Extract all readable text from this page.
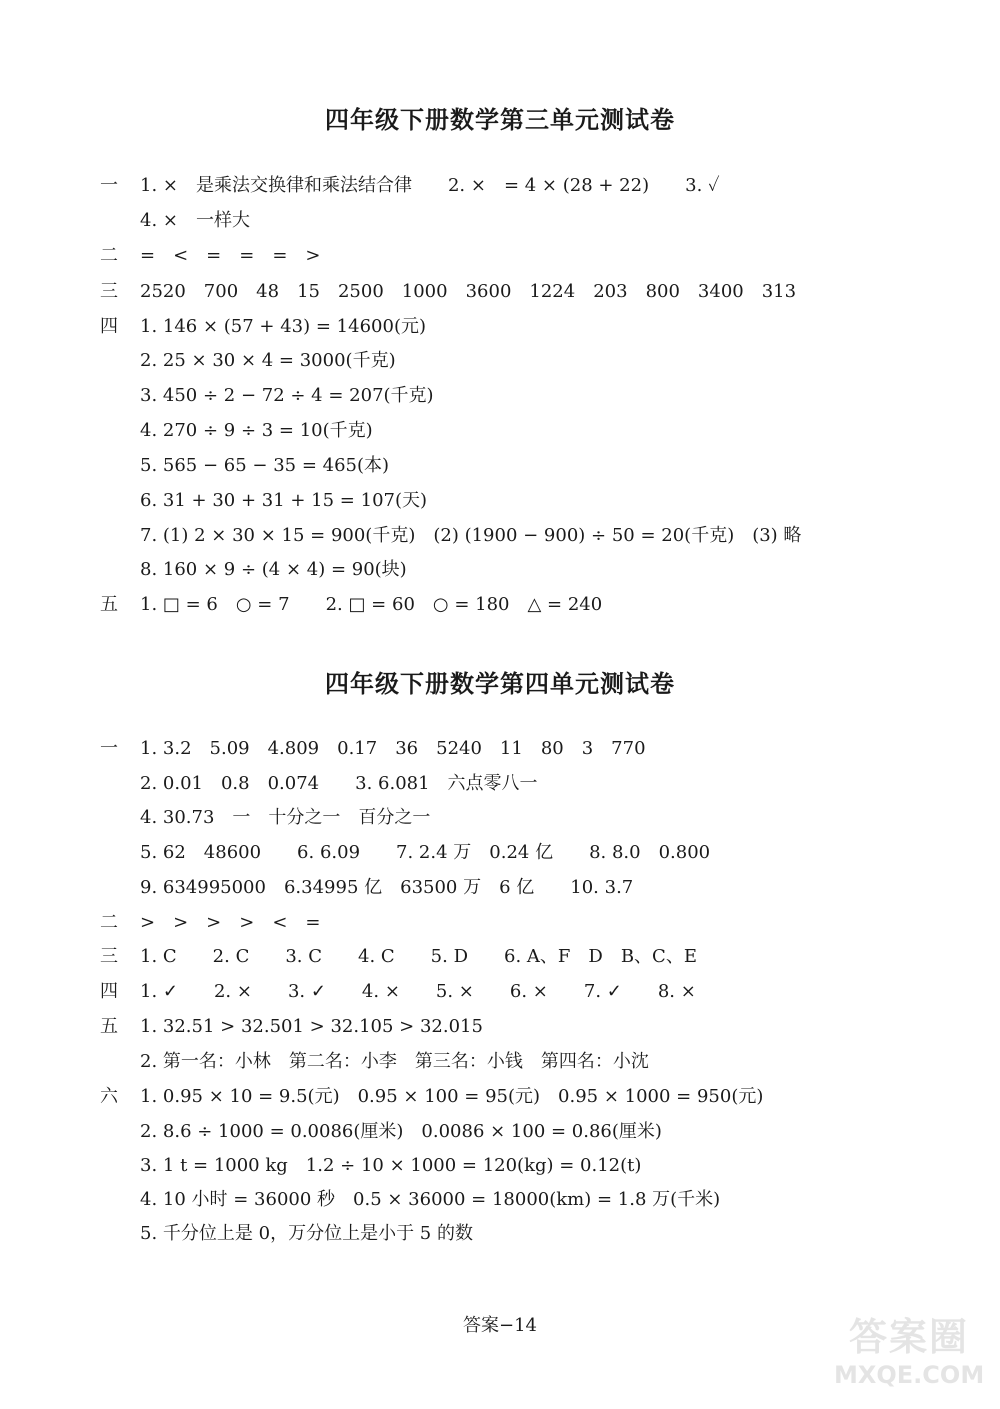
四年级下册数学第三单元测试卷
一	1. ×　是乘法交换律和乘法结合律　　2. ×　= 4 × (28 + 22)　　3. ✓
4. ×　一样大
二	=　<　=　=　=　>
三	2520　700　48　15　2500　1000　3600　1224　203　800　3400　313
四	1. 146 × (57 + 43) = 14600(元)
2. 25 × 30 × 4 = 3000(千克)
3. 450 ÷ 2 − 72 ÷ 4 = 207(千克)
4. 270 ÷ 9 ÷ 3 = 10(千克)
5. 565 − 65 − 35 = 465(本)
6. 31 + 30 + 31 + 15 = 107(天)
7. (1) 2 × 30 × 15 = 900(千克)　(2) (1900 − 900) ÷ 50 = 20(千克)　(3) 略
8. 160 × 9 ÷ (4 × 4) = 90(块)
五	1. □ = 6　○ = 7　　2. □ = 60　○ = 180　△ = 240
四年级下册数学第四单元测试卷
一	1. 3.2　5.09　4.809　0.17　36　5240　11　80　3　770
2. 0.01　0.8　0.074　　3. 6.081　六点零八一
4. 30.73　一　十分之一　百分之一
5. 62　48600　　6. 6.09　　7. 2.4 万　0.24 亿　　8. 8.0　0.800
9. 634995000　6.34995 亿　63500 万　6 亿　　10. 3.7
二	>　>　>　>　<　=
三	1. C　　2. C　　3. C　　4. C　　5. D　　6. A、F　D　B、C、E
四	1. ✓　　2. ×　　3. ✓　　4. ×　　5. ×　　6. ×　　7. ✓　　8. ×
五	1. 32.51 > 32.501 > 32.105 > 32.015
2. 第一名：小林　第二名：小李　第三名：小钱　第四名：小沈
六	1. 0.95 × 10 = 9.5(元)　0.95 × 100 = 95(元)　0.95 × 1000 = 950(元)
2. 8.6 ÷ 1000 = 0.0086(厘米)　0.0086 × 100 = 0.86(厘米)
3. 1 t = 1000 kg　1.2 ÷ 10 × 1000 = 120(kg) = 0.12(t)
4. 10 小时 = 36000 秒　0.5 × 36000 = 18000(km) = 1.8 万(千米)
5. 千分位上是 0，万分位上是小于 5 的数
答案−14	答案圈
MXQE.COM
